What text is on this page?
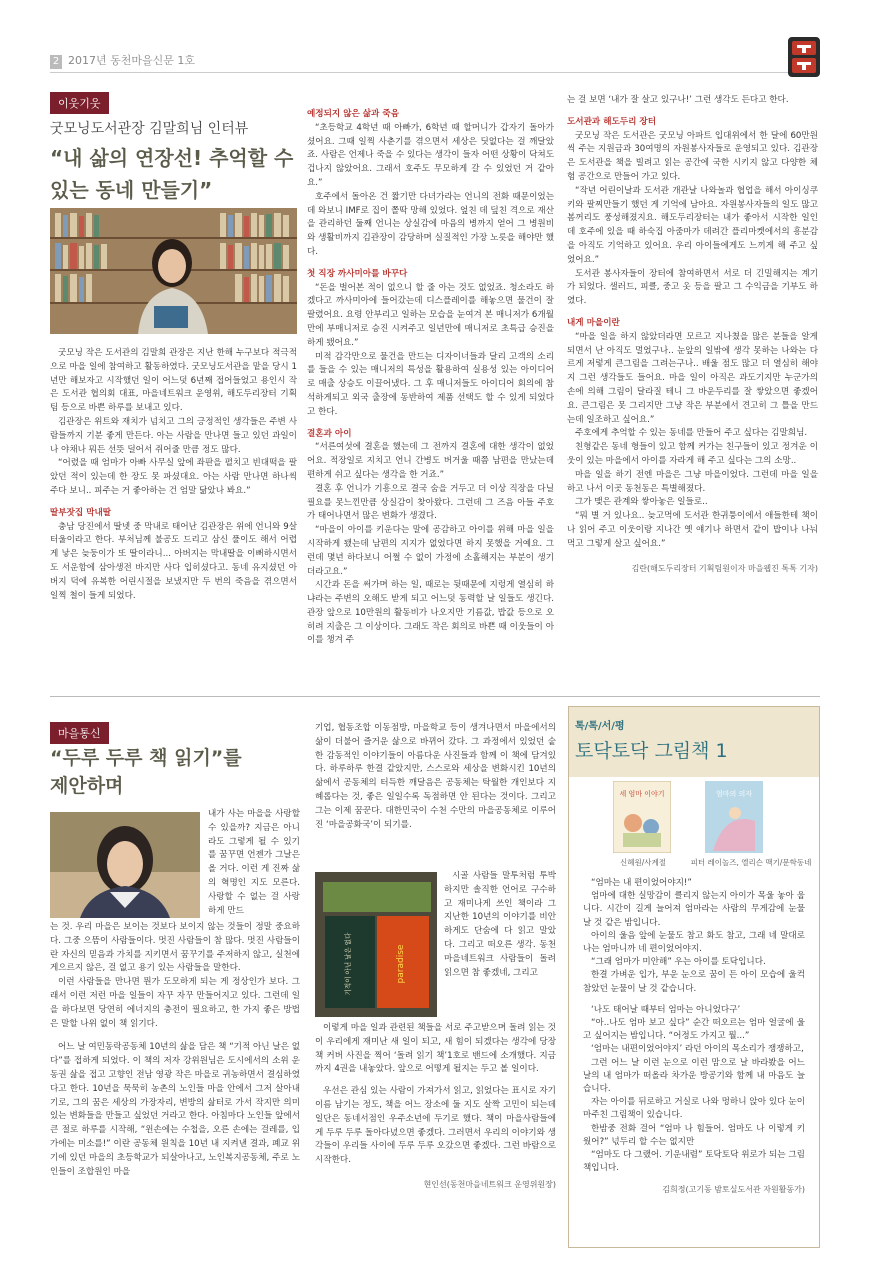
2 2017년 동천마을신문 1호
이웃기웃
굿모닝도서관장 김말희님 인터뷰
“내 삶의 연장선! 추억할 수
있는 동네 만들기”

굿모닝 작은 도서관의 김말희 관장은 지난 한해 누구보다 적극적으로 마을 일에 참여하고 활동하였다. 굿모닝도서관을 맡을 당시 1년만 해보자고 시작했던 일이 어느덧 6년째 접어들었고 용인시 작은 도서관 협의회 대표, 마을네트워크 운영위, 해도두리장터 기획팀 등으로 바쁜 하루를 보내고 있다.

김관장은 위트와 재치가 넘치고 그의 긍정적인 생각들은 주변 사람들까지 기분 좋게 만든다. 아는 사람을 만나면 들고 있던 과일이나 야채나 뭐든 선뜻 덜어서 쥐어줄 만큼 정도 많다.

“어렸을 때 엄마가 아빠 사무실 앞에 좌판을 펼치고 빈대떡을 팔았던 적이 있는데 한 장도 못 파셨대요. 아는 사람 만나면 하나씩 주다 보니.. 피주는 거 좋아하는 건 엄말 닮았나 봐요.”

딸부잣집 막내딸

충남 당진에서 딸넷 중 막내로 태어난 김관장은 위에 언니와 9살 터울이라고 한다. 부처님께 불공도 드리고 삼신 풀이도 해서 어렵게 낳은 늦둥이가 또 딸이라니... 아버지는 막내딸을 이뻐하시면서도 서운함에 삼아생전 바지만 사다 입히셨다고. 동네 유지셨던 아버지 덕에 유복한 어린시절을 보냈지만 두 번의 죽음을 겪으면서 일찍 철이 들게 되었다.

예정되지 않은 삶과 죽음

“초등학교 4학년 때 아빠가, 6학년 때 할머니가 갑자기 돌아가셨어요. 그때 일찍 사춘기를 겪으면서 세상은 딧없다는 걸 깨달았죠. 사람은 언제나 죽을 수 있다는 생각이 들자 어떤 상황이 닥쳐도 겁나지 않았어요. 그래서 호주도 무모하게 갈 수 있었던 거 같아요.”

호주에서 돌아온 건 짧기만 다녀가라는 언니의 전화 때문이었는데 와보니 IMF로 집이 쫄딱 망해 있었다. 엎친 데 덮친 격으로 재산을 관리하던 둘째 언니는 상실감에 마음의 병까지 얻어 그 병원비와 생활비까지 김관장이 감당하며 실질적인 가장 노릇을 해야만 했다.

첫 직장 까사미아를 바꾸다

“돈을 벌어본 적이 없으니 할 줄 아는 것도 없었죠. 청소라도 하겠다고 까사미아에 들어갔는데 디스플레이를 해놓으면 물건이 잘 팔렸어요. 요령 안부리고 일하는 모습을 눈여겨 본 매니저가 6개월만에 부매니저로 승진 시켜주고 일년만에 매니저로 초특급 승진을 하게 됐어요.”

미적 감각만으로 물건을 만드는 디자이너들과 달리 고객의 소리를 들을 수 있는 매니저의 특성을 활용하여 실용성 있는 아이디어로 매출 상승도 이끌어냈다. 그 후 매니저들도 아이디어 회의에 참석하게되고 외국 출장에 동반하여 제품 선택도 할 수 있게 되었다고 한다.

결혼과 아이

“서른여섯에 결혼을 했는데 그 전까지 결혼에 대한 생각이 없었어요. 적장일로 지치고 언니 간병도 버거울 때쯤 남편을 만났는데 편하게 쉬고 싶다는 생각을 한 거죠.”

결혼 후 언니가 기흥으로 결국 숨을 거두고 더 이상 직장을 다닐 필요를 못느낀만큼 상실감이 찾아왔다. 그런데 그 즈음 아들 주호가 태어나면서 많은 변화가 생겼다.

“마을이 아이를 키운다는 말에 공감하고 아이를 위해 마을 일을 시작하게 됐는데 남편의 지지가 없었다면 하지 못했을 거예요. 그런데 몇년 하다보니 어쩔 수 없이 가정에 소홀해지는 부분이 생기더라고요.”

시간과 돈을 써가며 하는 일, 때로는 뒷때문에 지렁게 열심히 하냐라는 주변의 오해도 받게 되고 어느덧 동력할 날 일들도 생긴다. 관장 앞으로 10만원의 활동비가 나오지만 기름값, 밥값 등으로 오히려 지출은 그 이상이다. 그래도 작은 회의로 바쁜 때 이웃들이 아이를 챙겨 주

는 걸 보면 ‘내가 잘 살고 있구나!’ 그런 생각도 든다고 한다.

도서관과 해도두리 장터

굿모닝 작은 도서관은 굿모닝 아파트 입대위에서 한 달에 60만원씩 주는 지원금과 30여명의 자원봉사자들로 운영되고 있다. 김관장은 도서관을 책을 빌려고 읽는 공간에 국한 시키지 않고 다양한 체험 공간으로 만들어 가고 있다.

“작년 어린이날과 도서관 개관날 나와놀과 협업을 해서 아이싱쿠키와 팔찌만들기 했던 게 기억에 남아요. 자원봉사자들의 일도 많고 봄꺼리도 풍성해졌지요. 해도두리장터는 내가 좋아서 시작한 일인데 호주에 있을 때 하숙집 아줌마가 데려간 플리마켓에서의 흥분감을 아직도 기억하고 있어요. 우리 아이들에게도 느끼게 해 주고 싶었어요.”

도서관 봉사자들이 장터에 참여하면서 서로 더 긴밀해지는 계기가 되었다. 샐러드, 피클, 중고 옷 등을 팔고 그 수익금을 기부도 하였다.

내게 마을이란

“마을 일을 하지 않았더라면 모르고 지나쳤을 많은 분들을 알게 되면서 난 아직도 멀었구나.. 눈앞의 일밖에 생각 못하는 나와는 다르게 저렇게 큰그림을 그려는구나.. 배울 점도 많고 더 열심히 해야지 그런 생각들도 들어요. 마을 일이 아직은 과도기지만 누군가의 손에 의해 그림이 달라질 테니 그 바운두리를 잘 쌓았으면 좋겠어요. 큰그림은 못 그리지만 그냥 작은 부분에서 견고히 그 틀을 만드는데 일조하고 싶어요.”

주호에게 추억할 수 있는 동네를 만들어 주고 싶다는 김말희님.

친형같은 동네 형들이 있고 함께 커가는 친구들이 있고 정겨운 이웃이 있는 마을에서 아이를 자라게 해 주고 싶다는 그의 소망..

마을 일을 하기 전엔 마을은 그냥 마을이었다. 그런데 마을 일을 하고 나서 이곳 동천동은 특별해졌다.

그가 맺은 관계와 쌓아놓은 일들로..

“뭐 별 거 있나요.. 늦고먹에 도서관 한귀퉁이에서 애들한테 책이나 읽어 주고 이웃이랑 지나간 옛 얘기나 하면서 같이 밥이나 나눠 먹고 그렇게 살고 싶어요.”

김란(해도두리장터 기획팀원이자 마을웹진 톡톡 기자)
마을통신
“두루 두루 책 읽기”를
제안하며

내가 사는 마을을 사랑할 수 있을까? 지금은 아니라도 그렇게 될 수 있기를 꿈꾸면 언젠가 그날은 올 거다. 이런 게 진짜 삶의 혁명인 지도 모른다. 사랑할 수 없는 걸 사랑하게 만드

는 것. 우리 마을은 보이는 것보다 보이지 않는 것들이 정말 중요하다. 그중 으뜸이 사람들이다. 멋진 사람들이 참 많다. 멋진 사람들이란 자신의 믿음과 가치를 지키면서 꿈꾸기를 주저하지 않고, 실천에 게으르지 않은, 걸 없고 용기 있는 사람들을 말한다.

이런 사람들을 만나면 뭔가 도모하게 되는 게 정상인가 보다. 그래서 이런 저런 마을 일들이 자꾸 자꾸 만들어지고 있다. 그런데 일을 하다보면 당연히 에너지의 충전이 필요하고, 한 가지 좋은 방법은 말할 나위 없이 책 읽기다.

어느 날 여민동락공동체 10년의 삶을 담은 책 “기적 아닌 날은 없다”를 접하게 되었다. 이 책의 저자 강위원님은 도시에서의 소위 운동권 삶을 접고 고향인 전남 영광 작은 마을로 귀농하면서 결심하였다고 한다. 10년을 묵묵히 농촌의 노인들 마을 안에서 그저 살아내기로, 그의 꿈은 세상의 가장자리, 변방의 삶터로 가서 작지만 의미 있는 변화들을 만들고 싶었던 거라고 한다. 아침마다 노인들 앞에서 큰 절로 하루를 시작해, “윈손에는 수첩을, 오른 손에는 걸레를, 입가에는 미소를!” 이란 공동체 원칙을 10년 내 지켜낸 결과, 폐교 위기에 있던 마을의 초등학교가 되살아나고, 노인복지공동체, 주로 노인들이 조합원인 마을

기업, 협동조합 이동점방, 마을학교 등이 생겨나면서 마을에서의 삶이 더불어 즐거운 삶으로 바뀌어 갔다. 그 과정에서 있었던 숱한 감동적인 이야기들이 아름다운 사진들과 함께 이 책에 담겨있다. 하루하루 한결 같았지만, 스스로와 세상을 변화시킨 10년의 삶에서 공동체의 터득한 깨달음은 공동체는 탁월한 개인보다 지혜롭다는 것, 좋은 일일수록 독점하면 안 된다는 것이다. 그리고 그는 이제 꿈꾼다. 대한민국이 수천 수만의 마을공동체로 이루어진 ‘마을공화국’이 되기를.

기적이 아닌 날은 없다	paradise

시골 사람들 말투처럼 투박하지만 솔직한 언어로 구수하고 재미나게 쓰인 책이라 그 지난한 10년의 이야기를 비안하게도 단숨에 다 읽고 말았다. 그리고 떠오른 생각. 동천마을네트워크 사람들이 돌려 읽으면 참 좋겠네, 그리고

이렇게 마을 일과 관련된 책들을 서로 주고받으며 돌려 읽는 것이 우리에게 재미난 새 일이 되고, 새 힘이 되겠다는 생각에 당장 책 커버 사진을 찍어 ‘돌려 읽기 책’1호로 밴드에 소개했다. 지금까지 4권을 내놓았다. 앞으로 어떻게 될지는 두고 볼 일이다.

우선은 관심 있는 사람이 가져가서 읽고, 읽었다는 표시로 자기 이름 남기는 정도, 책을 어느 장소에 둘 지도 살짝 고민이 되는데 일단은 동네서점인 우주소년에 두기로 했다. 책이 마을사람들에게 두루 두루 돌아다녔으면 좋겠다. 그러면서 우리의 이야기와 생각들이 우리들 사이에 두루 두루 오갔으면 좋겠다. 그런 바람으로 시작한다.

현인선(동천마을네트워크 운영위원장)
톡/톡/서/평
토닥토닥 그림책 1
세 엄마 이야기	엄마의 의자
신혜원/사계절	피터 레이놀즈, 엘리슨 맥기/문학동네

“엄마는 내 편이었어야지!”

엄마에 대한 실망감이 클리지 않는지 아이가 목울 놓아 웁니다. 시간이 길게 늘어져 엄마라는 사람의 무게감에 눈물 날 것 같은 밤입니다.

아이의 울음 앞에 눈물도 참고 화도 참고, 그래 네 말대로 나는 엄마니까 네 편이었어야지.

“그래 엄마가 미안해” 우는 아이를 토닥입니다.

한결 가벼운 입가, 부운 눈으로 꿈이 든 아이 모습에 울컥 참았던 눈물이 날 것 같습니다.

‘나도 태어날 때부터 엄마는 아니었다구’

“아..나도 엄마 보고 싶다” 순간 떠오르는 엄마 얼굴에 울고 싶어지는 밤입니다. “어정도 가지고 뭘...”

‘엄마는 내편이었어야지’ 라던 아이의 목소리가 쟁쟁하고,

그런 어느 날 이런 눈으로 이런 맘으로 날 바라봤을 어느 날의 내 엄마가 떠올라 차가운 방공기와 함께 내 마음도 늘습니다.

자는 아이를 뒤로하고 거실로 나와 멍하니 앉아 있다 눈이 마주친 그림책이 있습니다.

한밤중 전화 걸어 “엄마 나 힘들어. 엄마도 나 이렇게 키웠어?” 넋두리 할 수는 없지만

“엄마도 다 그랬어. 기운내렴” 토닥토닥 위로가 되는 그림책입니다.

김희정(고기동 밤토실도서관 자원활동가)
